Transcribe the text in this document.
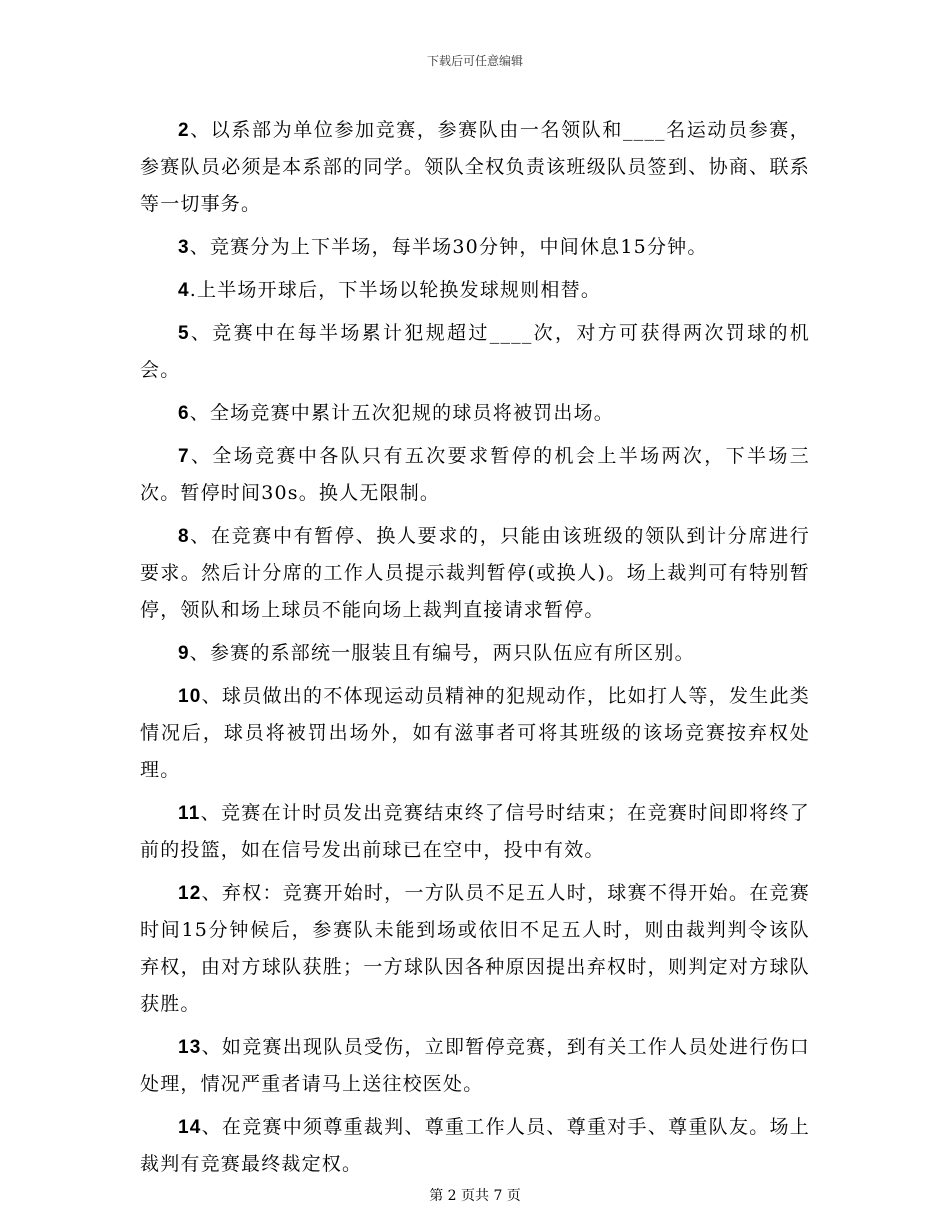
下载后可任意编辑

2、以系部为单位参加竞赛，参赛队由一名领队和____名运动员参赛，参赛队员必须是本系部的同学。领队全权负责该班级队员签到、协商、联系等一切事务。

3、竞赛分为上下半场，每半场30分钟，中间休息15分钟。

4.上半场开球后，下半场以轮换发球规则相替。

5、竞赛中在每半场累计犯规超过____次，对方可获得两次罚球的机会。

6、全场竞赛中累计五次犯规的球员将被罚出场。

7、全场竞赛中各队只有五次要求暂停的机会上半场两次，下半场三次。暂停时间30s。换人无限制。

8、在竞赛中有暂停、换人要求的，只能由该班级的领队到计分席进行要求。然后计分席的工作人员提示裁判暂停(或换人)。场上裁判可有特别暂停，领队和场上球员不能向场上裁判直接请求暂停。

9、参赛的系部统一服装且有编号，两只队伍应有所区别。

10、球员做出的不体现运动员精神的犯规动作，比如打人等，发生此类情况后，球员将被罚出场外，如有滋事者可将其班级的该场竞赛按弃权处理。

11、竞赛在计时员发出竞赛结束终了信号时结束；在竞赛时间即将终了前的投篮，如在信号发出前球已在空中，投中有效。

12、弃权：竞赛开始时，一方队员不足五人时，球赛不得开始。在竞赛时间15分钟候后，参赛队未能到场或依旧不足五人时，则由裁判判令该队弃权，由对方球队获胜；一方球队因各种原因提出弃权时，则判定对方球队获胜。

13、如竞赛出现队员受伤，立即暂停竞赛，到有关工作人员处进行伤口处理，情况严重者请马上送往校医处。

14、在竞赛中须尊重裁判、尊重工作人员、尊重对手、尊重队友。场上裁判有竞赛最终裁定权。

第 2 页共 7 页
